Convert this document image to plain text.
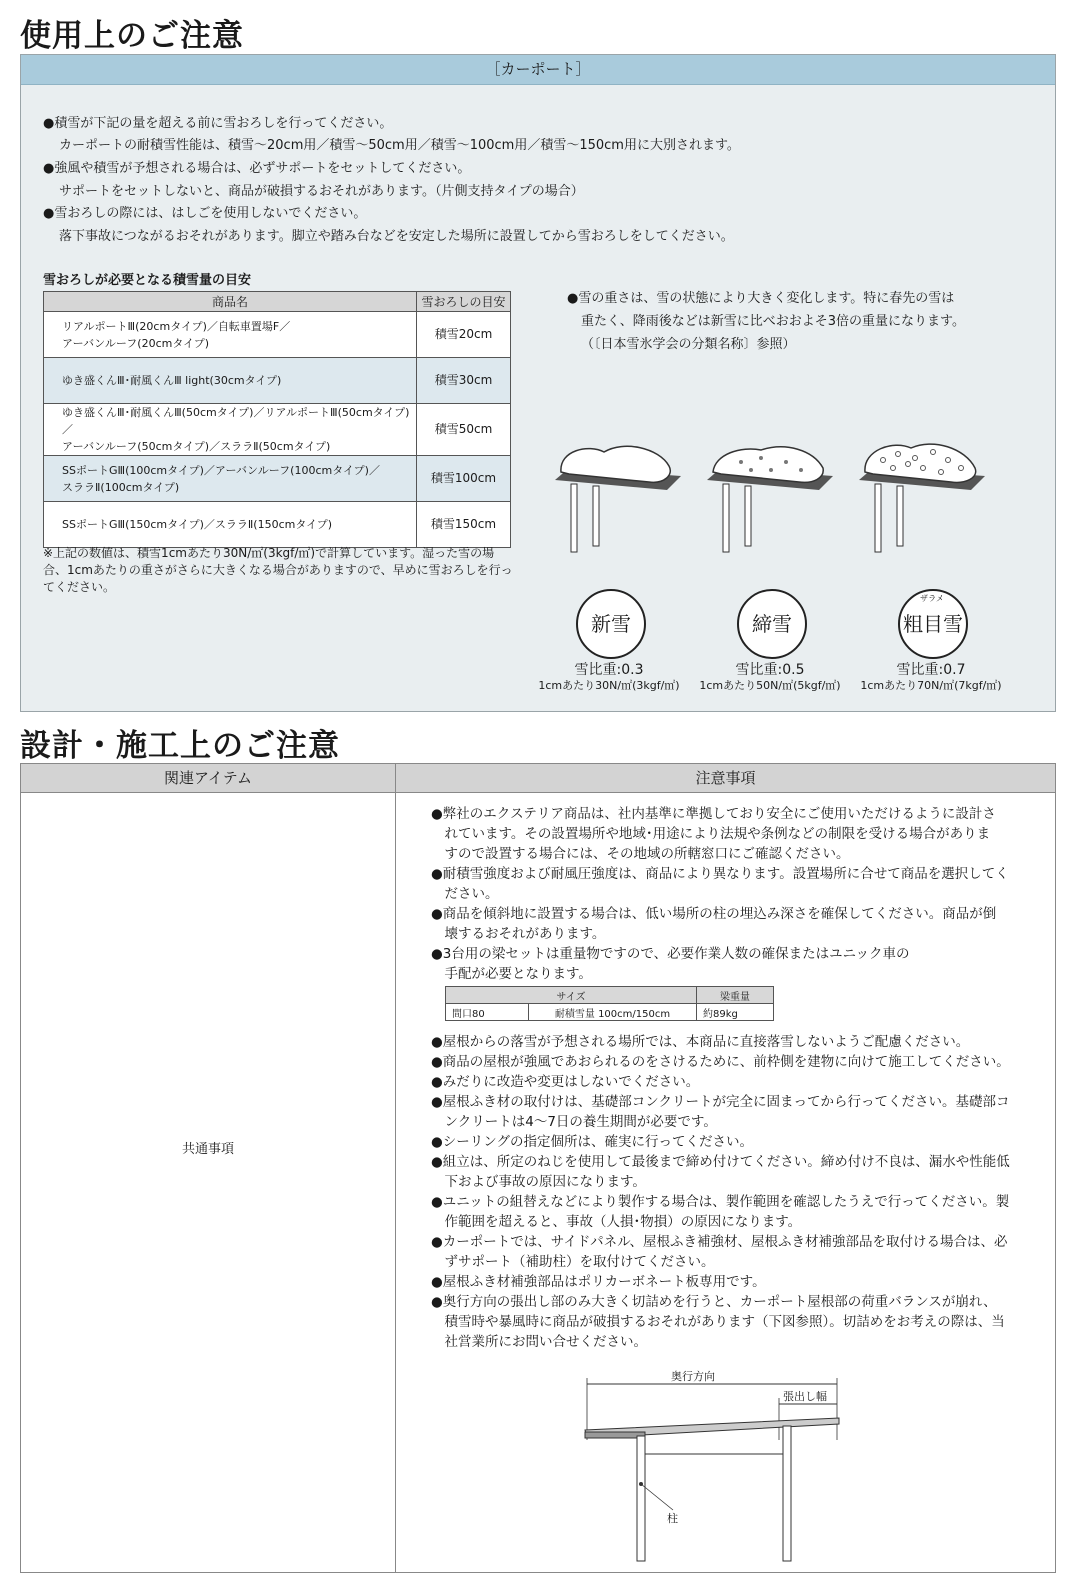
使用上のご注意
［カーポート］
●積雪が下記の量を超える前に雪おろしを行ってください。
カーポートの耐積雪性能は、積雪～20cm用／積雪～50cm用／積雪～100cm用／積雪～150cm用に大別されます。
●強風や積雪が予想される場合は、必ずサポートをセットしてください。
サポートをセットしないと、商品が破損するおそれがあります。（片側支持タイプの場合）
●雪おろしの際には、はしごを使用しないでください。
落下事故につながるおそれがあります。脚立や踏み台などを安定した場所に設置してから雪おろしをしてください。
雪おろしが必要となる積雪量の目安
商品名	雪おろしの目安
リアルポートⅢ(20cmタイプ)／自転車置場F／
アーバンルーフ(20cmタイプ)	積雪20cm
ゆき盛くんⅢ･耐風くんⅢ light(30cmタイプ)	積雪30cm
ゆき盛くんⅢ･耐風くんⅢ(50cmタイプ)／リアルポートⅢ(50cmタイプ)／
アーバンルーフ(50cmタイプ)／スララⅡ(50cmタイプ)	積雪50cm
SSポートGⅢ(100cmタイプ)／アーバンルーフ(100cmタイプ)／
スララⅡ(100cmタイプ)	積雪100cm
SSポートGⅢ(150cmタイプ)／スララⅡ(150cmタイプ)	積雪150cm
※上記の数値は、積雪1cmあたり30N/㎡(3kgf/㎡)で計算しています。湿った雪の場合、1cmあたりの重さがさらに大きくなる場合がありますので、早めに雪おろしを行ってください。
●雪の重さは、雪の状態により大きく変化します。特に春先の雪は
重たく、降雨後などは新雪に比べおおよそ3倍の重量になります。
（〔日本雪氷学会の分類名称〕参照）
新雪
雪比重:0.3
1cmあたり30N/㎡(3kgf/㎡)
締雪
雪比重:0.5
1cmあたり50N/㎡(5kgf/㎡)
粗目雪
ザラメ
雪比重:0.7
1cmあたり70N/㎡(7kgf/㎡)
設計・施工上のご注意
関連アイテム	注意事項
共通事項
●弊社のエクステリア商品は、社内基準に準拠しており安全にご使用いただけるように設計さ
　れています。その設置場所や地域･用途により法規や条例などの制限を受ける場合がありま
　すので設置する場合には、その地域の所轄窓口にご確認ください。
●耐積雪強度および耐風圧強度は、商品により異なります。設置場所に合せて商品を選択してく
　ださい。
●商品を傾斜地に設置する場合は、低い場所の柱の埋込み深さを確保してください。商品が倒
　壊するおそれがあります。
●3台用の梁セットは重量物ですので、必要作業人数の確保またはユニック車の
　手配が必要となります。
サイズ		梁重量
間口80	耐積雪量 100cm/150cm	約89kg
●屋根からの落雪が予想される場所では、本商品に直接落雪しないようご配慮ください。
●商品の屋根が強風であおられるのをさけるために、前枠側を建物に向けて施工してください。
●みだりに改造や変更はしないでください。
●屋根ふき材の取付けは、基礎部コンクリートが完全に固まってから行ってください。基礎部コ
　ンクリートは4～7日の養生期間が必要です。
●シーリングの指定個所は、確実に行ってください。
●組立は、所定のねじを使用して最後まで締め付けてください。締め付け不良は、漏水や性能低
　下および事故の原因になります。
●ユニットの組替えなどにより製作する場合は、製作範囲を確認したうえで行ってください。製
　作範囲を超えると、事故（人損･物損）の原因になります。
●カーポートでは、サイドパネル、屋根ふき補強材、屋根ふき材補強部品を取付ける場合は、必
　ずサポート（補助柱）を取付けてください。
●屋根ふき材補強部品はポリカーボネート板専用です。
●奥行方向の張出し部のみ大きく切詰めを行うと、カーポート屋根部の荷重バランスが崩れ、
　積雪時や暴風時に商品が破損するおそれがあります（下図参照）。切詰めをお考えの際は、当
　社営業所にお問い合せください。
奥行方向
張出し幅
柱
